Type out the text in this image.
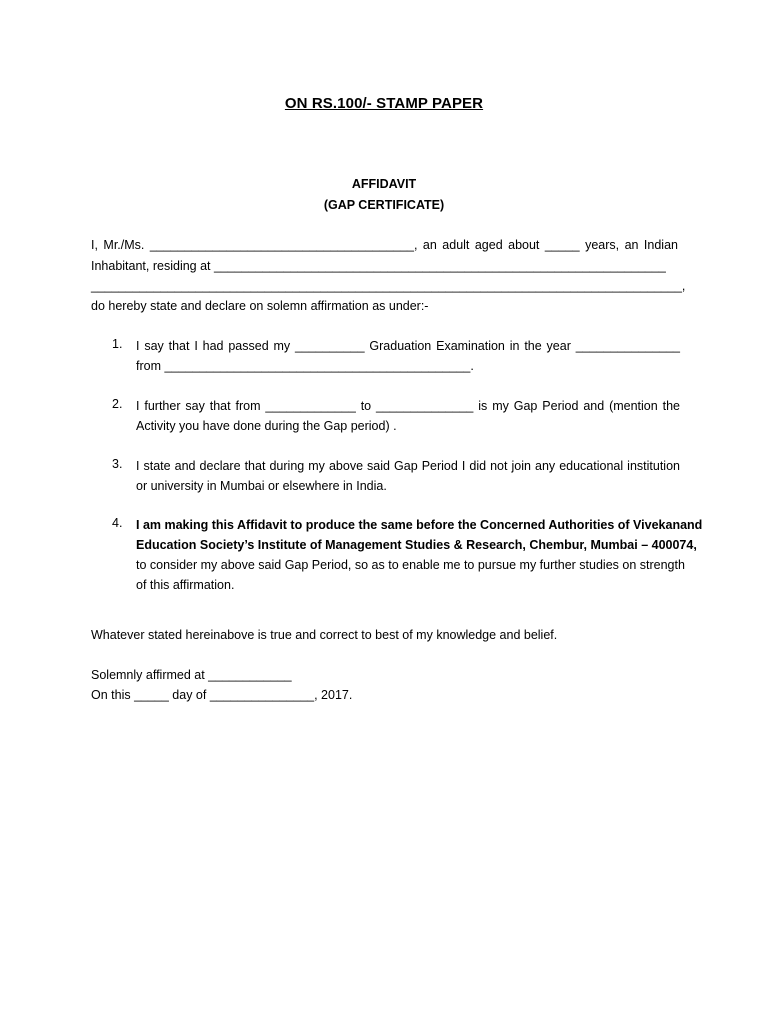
ON RS.100/- STAMP PAPER
AFFIDAVIT
(GAP CERTIFICATE)
I, Mr./Ms. ______________________________________, an adult aged about _____ years, an Indian
Inhabitant, residing at _________________________________________________________________
_____________________________________________________________________________________,
do hereby state and declare on solemn affirmation as under:-
1.	I say that I had passed my __________ Graduation Examination in the year _______________
from ____________________________________________.
2.	I further say that from _____________ to ______________ is my Gap Period and (mention the
Activity you have done during the Gap period) .
3.	I state and declare that during my above said Gap Period I did not join any educational institution
or university in Mumbai or elsewhere in India.
4.	I am making this Affidavit to produce the same before the Concerned Authorities of Vivekanand
Education Society’s Institute of Management Studies & Research, Chembur, Mumbai – 400074,
to consider my above said Gap Period, so as to enable me to pursue my further studies on strength
of this affirmation.
Whatever stated hereinabove is true and correct to best of my knowledge and belief.
Solemnly affirmed at ____________
On this _____ day of _______________, 2017.
